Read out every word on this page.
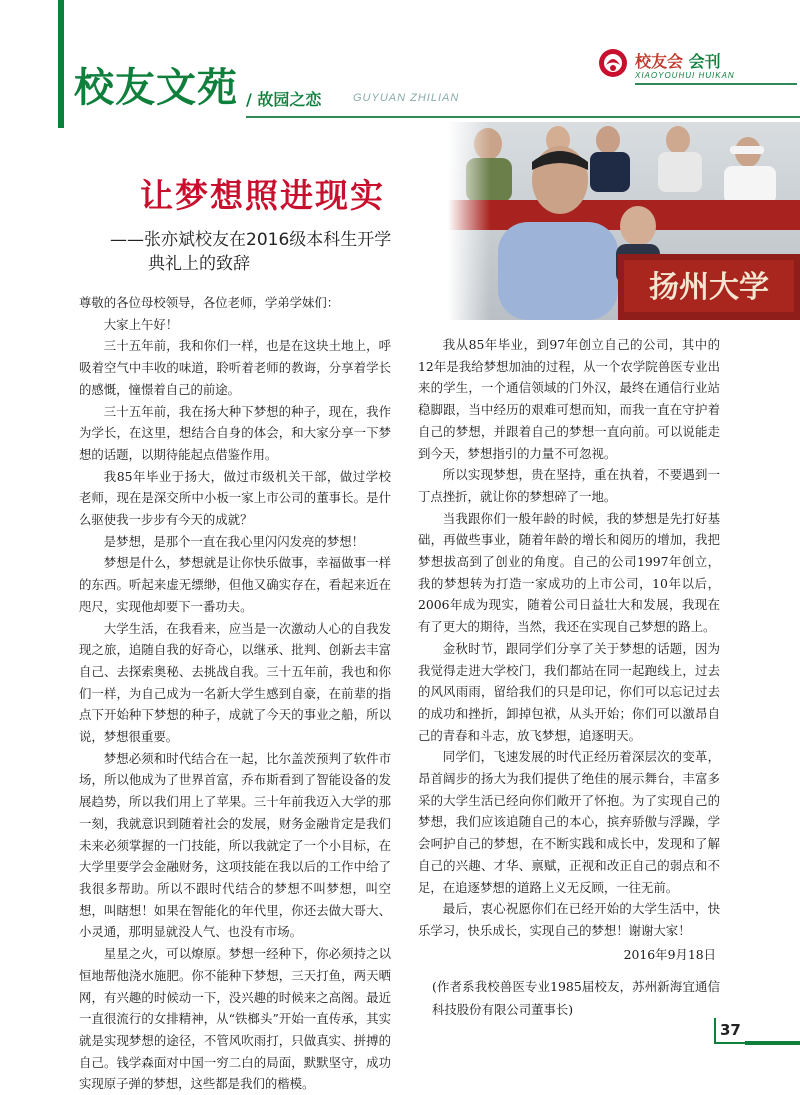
校友文苑 / 故园之恋	GUYUAN ZHILIAN
校友会 会刊
XIAOYOUHUI HUIKAN
让梦想照进现实
——张亦斌校友在2016级本科生开学
典礼上的致辞

尊敬的各位母校领导，各位老师，学弟学妹们：

大家上午好！

三十五年前，我和你们一样，也是在这块土地上，呼吸着空气中丰收的味道，聆听着老师的教诲，分享着学长的感慨，憧憬着自己的前途。

三十五年前，我在扬大种下梦想的种子，现在，我作为学长，在这里，想结合自身的体会，和大家分享一下梦想的话题，以期待能起点借鉴作用。

我85年毕业于扬大，做过市级机关干部，做过学校老师，现在是深交所中小板一家上市公司的董事长。是什么驱使我一步步有今天的成就？

是梦想，是那个一直在我心里闪闪发亮的梦想！

梦想是什么，梦想就是让你快乐做事，幸福做事一样的东西。听起来虚无缥缈，但他又确实存在，看起来近在咫尺，实现他却要下一番功夫。

大学生活，在我看来，应当是一次激动人心的自我发现之旅，追随自我的好奇心，以继承、批判、创新去丰富自己、去探索奥秘、去挑战自我。三十五年前，我也和你们一样，为自己成为一名新大学生感到自豪，在前辈的指点下开始种下梦想的种子，成就了今天的事业之船，所以说，梦想很重要。

梦想必须和时代结合在一起，比尔盖茨预判了软件市场，所以他成为了世界首富，乔布斯看到了智能设备的发展趋势，所以我们用上了苹果。三十年前我迈入大学的那一刻，我就意识到随着社会的发展，财务金融肯定是我们未来必须掌握的一门技能，所以我就定了一个小目标，在大学里要学会金融财务，这项技能在我以后的工作中给了我很多帮助。所以不跟时代结合的梦想不叫梦想，叫空想，叫瞎想！如果在智能化的年代里，你还去做大哥大、小灵通，那明显就没人气、也没有市场。

星星之火，可以燎原。梦想一经种下，你必须持之以恒地帮他浇水施肥。你不能种下梦想，三天打鱼，两天晒网，有兴趣的时候动一下，没兴趣的时候来之高阁。最近一直很流行的女排精神，从“铁榔头”开始一直传承，其实就是实现梦想的途径，不管风吹雨打，只做真实、拼搏的自己。钱学森面对中国一穷二白的局面，默默坚守，成功实现原子弹的梦想，这些都是我们的楷模。

我从85年毕业，到97年创立自己的公司，其中的12年是我给梦想加油的过程，从一个农学院兽医专业出来的学生，一个通信领域的门外汉，最终在通信行业站稳脚跟，当中经历的艰难可想而知，而我一直在守护着自己的梦想，并跟着自己的梦想一直向前。可以说能走到今天，梦想指引的力量不可忽视。

所以实现梦想，贵在坚持，重在执着，不要遇到一丁点挫折，就让你的梦想碎了一地。

当我跟你们一般年龄的时候，我的梦想是先打好基础，再做些事业，随着年龄的增长和阅历的增加，我把梦想拔高到了创业的角度。自己的公司1997年创立，我的梦想转为打造一家成功的上市公司，10年以后，2006年成为现实，随着公司日益壮大和发展，我现在有了更大的期待，当然，我还在实现自己梦想的路上。

金秋时节，跟同学们分享了关于梦想的话题，因为我觉得走进大学校门，我们都站在同一起跑线上，过去的风风雨雨，留给我们的只是印记，你们可以忘记过去的成功和挫折，卸掉包袱，从头开始；你们可以激昂自己的青春和斗志，放飞梦想，追逐明天。

同学们，飞速发展的时代正经历着深层次的变革，昂首阔步的扬大为我们提供了绝佳的展示舞台，丰富多采的大学生活已经向你们敞开了怀抱。为了实现自己的梦想，我们应该追随自己的本心，摈弃骄傲与浮躁，学会呵护自己的梦想，在不断实践和成长中，发现和了解自己的兴趣、才华、禀赋，正视和改正自己的弱点和不足，在追逐梦想的道路上义无反顾，一往无前。

最后，衷心祝愿你们在已经开始的大学生活中，快乐学习，快乐成长，实现自己的梦想！谢谢大家！

2016年9月18日

(作者系我校兽医专业1985届校友，苏州新海宜通信科技股份有限公司董事长)

37
